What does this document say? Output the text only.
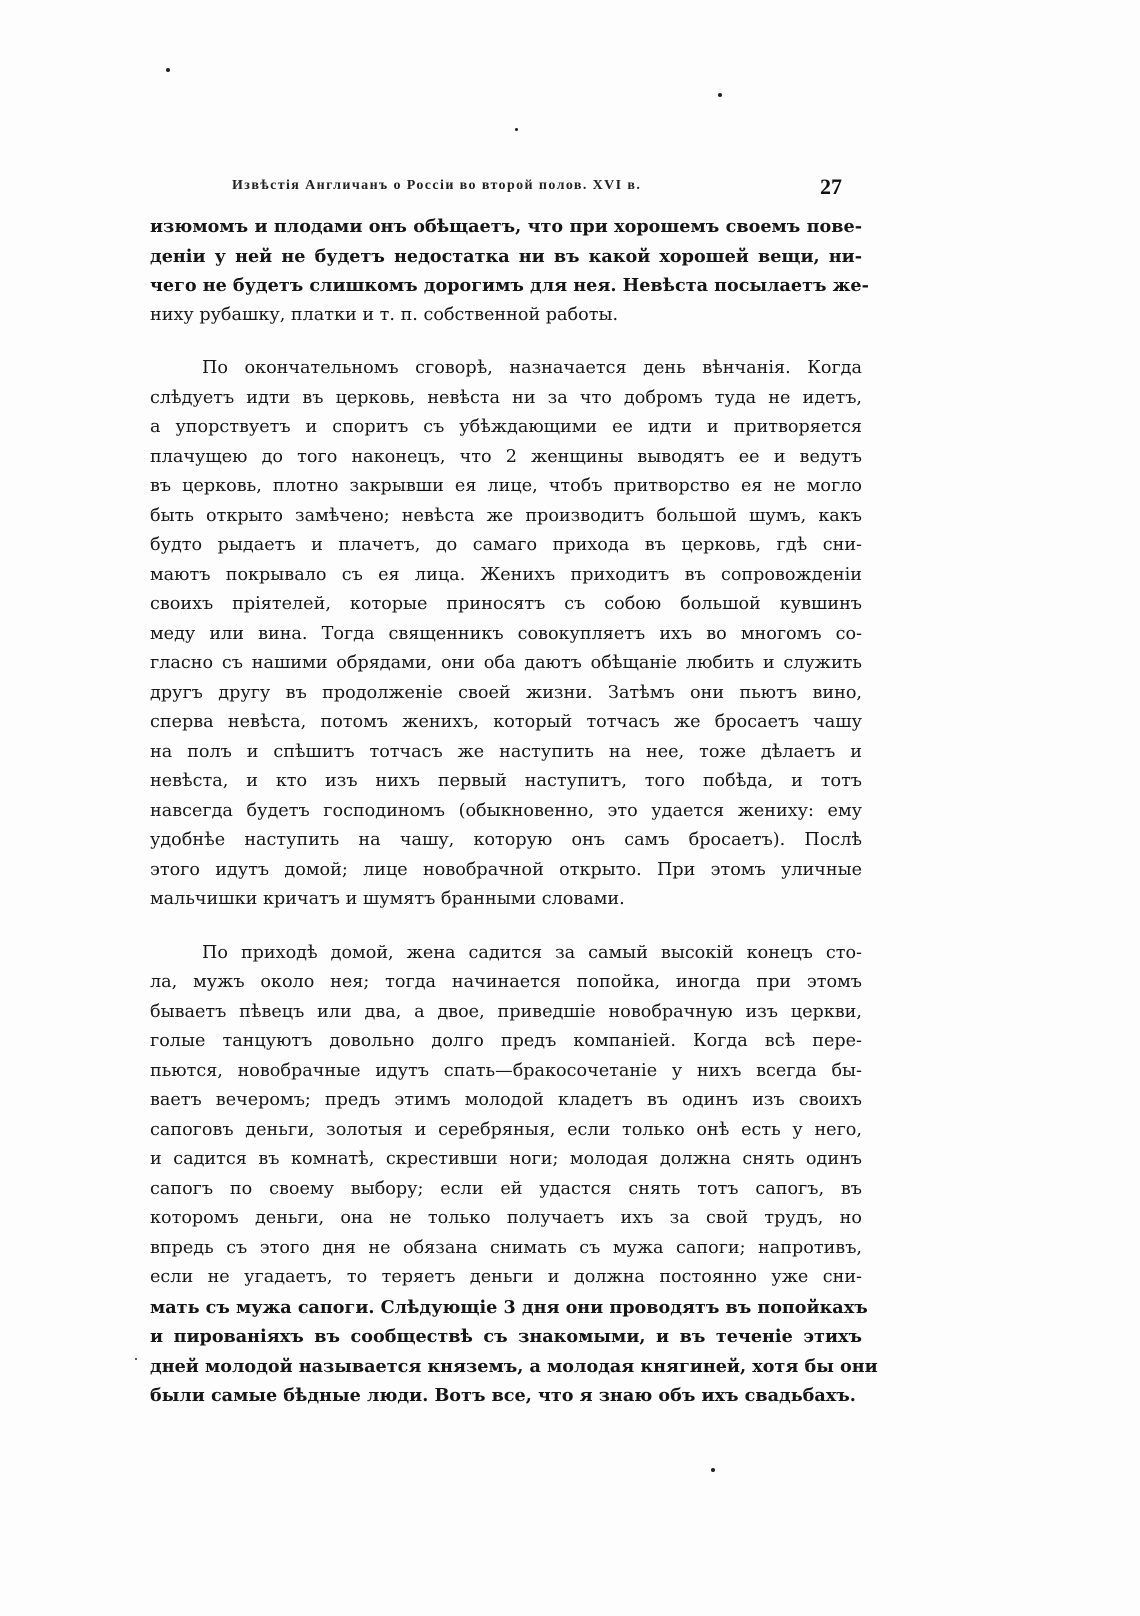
Извѣстія Англичанъ о Россіи во второй полов. XVI в.	27
изюмомъ и плодами онъ обѣщаетъ, что при хорошемъ своемъ пове-
деніи у ней не будетъ недостатка ни въ какой хорошей вещи, ни-
чего не будетъ слишкомъ дорогимъ для нея. Невѣста посылаетъ же-
ниху рубашку, платки и т. п. собственной работы.
По окончательномъ сговорѣ, назначается день вѣнчанія. Когда
слѣдуетъ идти въ церковь, невѣста ни за что добромъ туда не идетъ,
а упорствуетъ и споритъ съ убѣждающими ее идти и притворяется
плачущею до того наконецъ, что 2 женщины выводятъ ее и ведутъ
въ церковь, плотно закрывши ея лице, чтобъ притворство ея не могло
быть открыто замѣчено; невѣста же производитъ большой шумъ, какъ
будто рыдаетъ и плачетъ, до самаго прихода въ церковь, гдѣ сни-
маютъ покрывало съ ея лица. Женихъ приходитъ въ сопровожденіи
своихъ пріятелей, которые приносятъ съ собою большой кувшинъ
меду или вина. Тогда священникъ совокупляетъ ихъ во многомъ со-
гласно съ нашими обрядами, они оба даютъ обѣщаніе любить и служить
другъ другу въ продолженіе своей жизни. Затѣмъ они пьютъ вино,
сперва невѣста, потомъ женихъ, который тотчасъ же бросаетъ чашу
на полъ и спѣшитъ тотчасъ же наступить на нее, тоже дѣлаетъ и
невѣста, и кто изъ нихъ первый наступитъ, того побѣда, и тотъ
навсегда будетъ господиномъ (обыкновенно, это удается жениху: ему
удобнѣе наступить на чашу, которую онъ самъ бросаетъ). Послѣ
этого идутъ домой; лице новобрачной открыто. При этомъ уличные
мальчишки кричатъ и шумятъ бранными словами.
По приходѣ домой, жена садится за самый высокій конецъ сто-
ла, мужъ около нея; тогда начинается попойка, иногда при этомъ
бываетъ пѣвецъ или два, а двое, приведшіе новобрачную изъ церкви,
голые танцуютъ довольно долго предъ компаніей. Когда всѣ пере-
пьются, новобрачные идутъ спать—бракосочетаніе у нихъ всегда бы-
ваетъ вечеромъ; предъ этимъ молодой кладетъ въ одинъ изъ своихъ
сапоговъ деньги, золотыя и серебряныя, если только онѣ есть у него,
и садится въ комнатѣ, скрестивши ноги; молодая должна снять одинъ
сапогъ по своему выбору; если ей удастся снять тотъ сапогъ, въ
которомъ деньги, она не только получаетъ ихъ за свой трудъ, но
впредь съ этого дня не обязана снимать съ мужа сапоги; напротивъ,
если не угадаетъ, то теряетъ деньги и должна постоянно уже сни-
мать съ мужа сапоги. Слѣдующіе 3 дня они проводятъ въ попойкахъ
и пированіяхъ въ сообществѣ съ знакомыми, и въ теченіе этихъ
дней молодой называется княземъ, а молодая княгиней, хотя бы они
были самые бѣдные люди. Вотъ все, что я знаю объ ихъ свадьбахъ.
